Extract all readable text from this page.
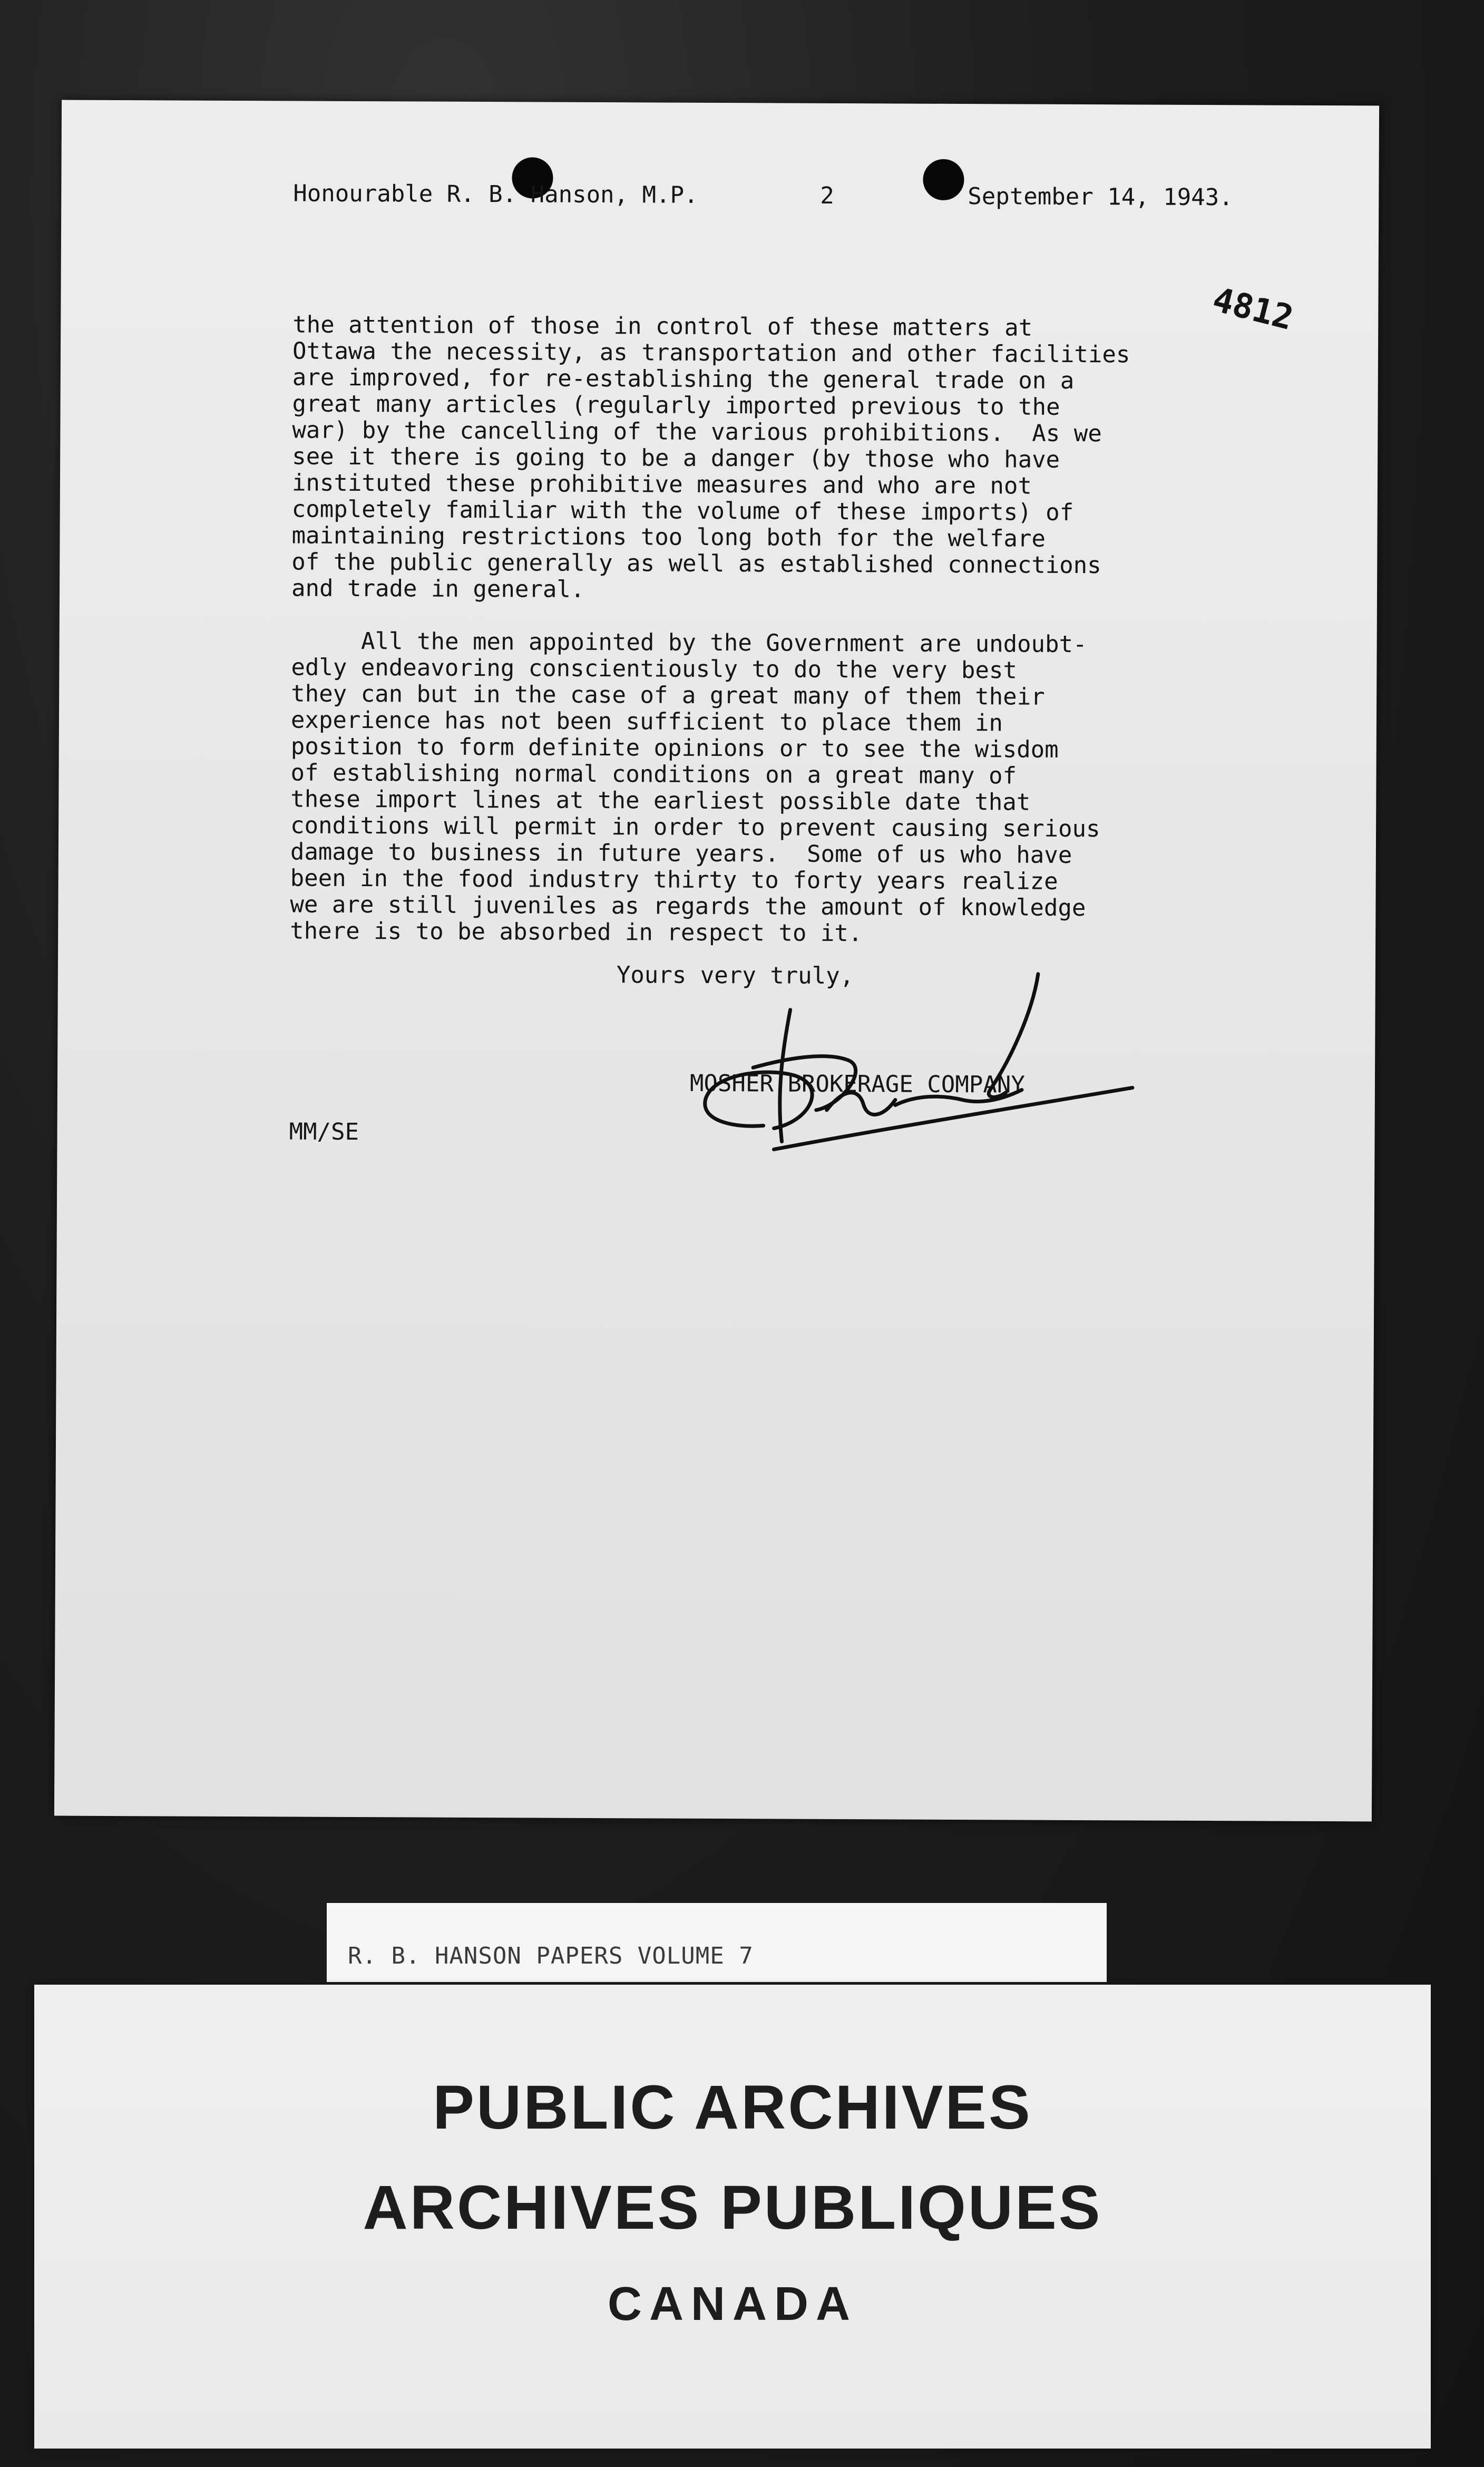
Honourable R. B. Hanson, M.P.	2	September 14, 1943.
4812

the attention of those in control of these matters at
Ottawa the necessity, as transportation and other facilities
are improved, for re-establishing the general trade on a
great many articles (regularly imported previous to the
war) by the cancelling of the various prohibitions.  As we
see it there is going to be a danger (by those who have
instituted these prohibitive measures and who are not
completely familiar with the volume of these imports) of
maintaining restrictions too long both for the welfare
of the public generally as well as established connections
and trade in general.

All the men appointed by the Government are undoubt-
edly endeavoring conscientiously to do the very best
they can but in the case of a great many of them their
experience has not been sufficient to place them in
position to form definite opinions or to see the wisdom
of establishing normal conditions on a great many of
these import lines at the earliest possible date that
conditions will permit in order to prevent causing serious
damage to business in future years.  Some of us who have
been in the food industry thirty to forty years realize
we are still juveniles as regards the amount of knowledge
there is to be absorbed in respect to it.

Yours very truly,
MOSHER BROKERAGE COMPANY
MM/SE
R. B. HANSON PAPERS VOLUME 7
PUBLIC ARCHIVES
ARCHIVES PUBLIQUES
CANADA
